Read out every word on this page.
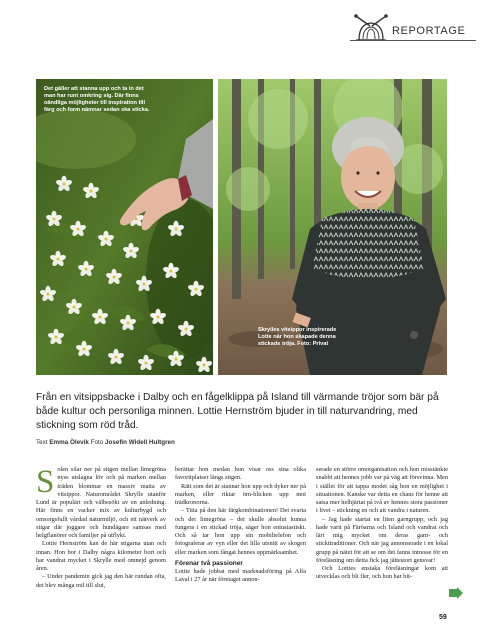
REPORTAGE
Det gäller att stanna upp och ta in det man har runt omkring sig. Där finns oändliga möjligheter till inspiration till färg och form nämnar sedan ska sticka.
Skrylles vitsippor inspirerade Lotte när hon skapade denna stickade tröja. Foto: Privat
Från en vitsippsbacke i Dalby och en fågelklippa på Island till värmande tröjor som bär på både kultur och personliga minnen. Lottie Hernström bjuder in till naturvandring, med stickning som röd tråd.
Text Emma Ölevik Foto Josefin Widell Hultgren

Solen silar ner på stigen mellan limegröna nyss utslagna löv och på marken mellan träden blommar en massiv matta av vitsippor. Naturområdet Skrylle utanför Lund är populärt och välbesökt av en anledning. Här finns en vacker mix av kulturbygd och omsorgsfullt vårdad naturmiljö, och ett nätverk av stigar där joggare och hundägare samsas med helgflanörer och familjer på utflykt.

Lottie Hernström kan de här stigarna utan och innan. Hon bor i Dalby några kilometer bort och har vandrat mycket i Skrylle med omnejd genom åren.

– Under pandemin gick jag den här rundan ofta, det blev många mil till slut,

berättar hon medan hon visar oss sina olika favoritplatser längs stigen.

Rätt som det är stannar hon upp och dyker ner på marken, eller riktar örn-blicken upp mot trädkronorna.

– Titta på den här färgkombinationen! Det svarta och det limegröna – det skulle absolut kunna fungera i en stickad tröja, säger hon entusiastiskt. Och så tar hon upp sin mobiltelefon och fotograferar av vyn eller det lilla utsnitt av skogen eller marken som fångat hennes uppmärksamhet.

Förenar två passioner

Lottie hade jobbat med marknadsföring på Alfa Laval i 27 år när företaget annon-

serade en större omorganisation och hon misstänkte snabbt att hennes jobb var på väg att försvinna. Men i stället för att tappa modet såg hon en möjlighet i situationen. Kanske var detta en chans för henne att satsa mer helhjärtat på två av hennes stora passioner i livet – stickning en och att vandra i naturen.

– Jag hade startat en liten garngrupp, och jag hade varit på Färöarna och Island och vandrat och lärt mig mycket om deras garn- och stickttraditioner. Och när jag annonserade i en lokal grupp på nätet för att se om det fanns intresse för en föreläsning om detta fick jag jättestort gensvar!

Och Lotties enstaka föreläsningar kom att utvecklas och bli fler, och hon har hit-

59
